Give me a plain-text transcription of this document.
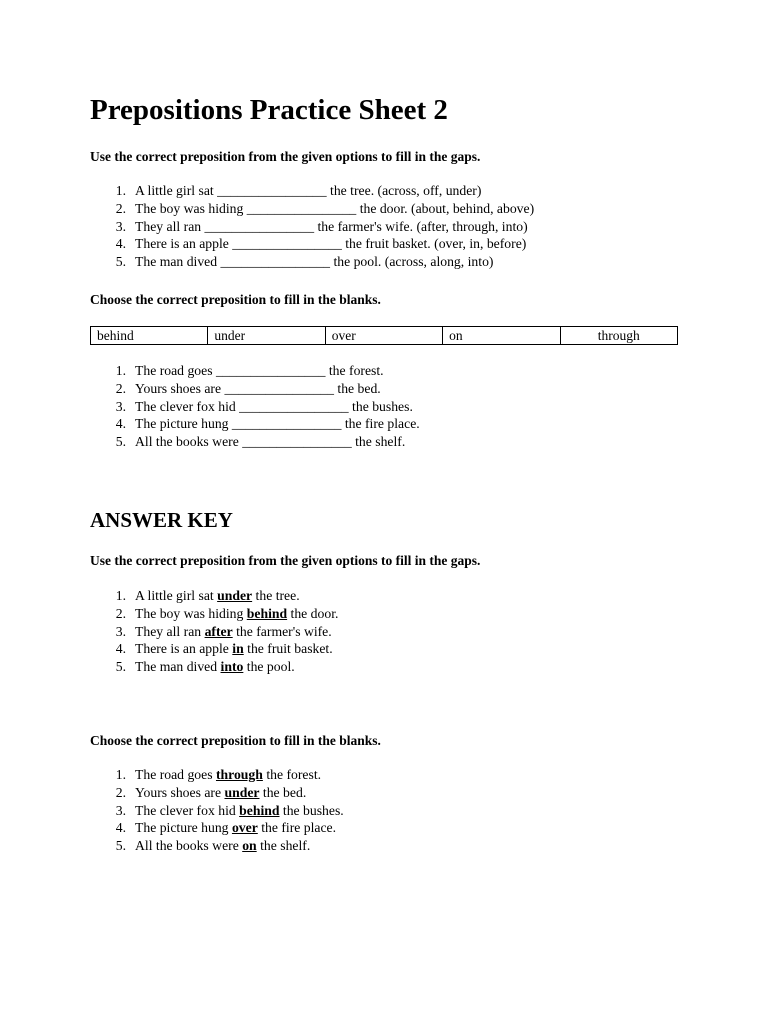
Prepositions Practice Sheet 2
Use the correct preposition from the given options to fill in the gaps.
1. A little girl sat ________________ the tree. (across, off, under)
2. The boy was hiding ________________ the door. (about, behind, above)
3. They all ran ________________ the farmer's wife. (after, through, into)
4. There is an apple ________________ the fruit basket. (over, in, before)
5. The man dived ________________ the pool. (across, along, into)
Choose the correct preposition to fill in the blanks.
behind	under	over	on	through
1. The road goes ________________ the forest.
2. Yours shoes are ________________ the bed.
3. The clever fox hid ________________ the bushes.
4. The picture hung ________________ the fire place.
5. All the books were ________________ the shelf.
ANSWER KEY
Use the correct preposition from the given options to fill in the gaps.
1. A little girl sat under the tree.
2. The boy was hiding behind the door.
3. They all ran after the farmer's wife.
4. There is an apple in the fruit basket.
5. The man dived into the pool.
Choose the correct preposition to fill in the blanks.
1. The road goes through the forest.
2. Yours shoes are under the bed.
3. The clever fox hid behind the bushes.
4. The picture hung over the fire place.
5. All the books were on the shelf.
